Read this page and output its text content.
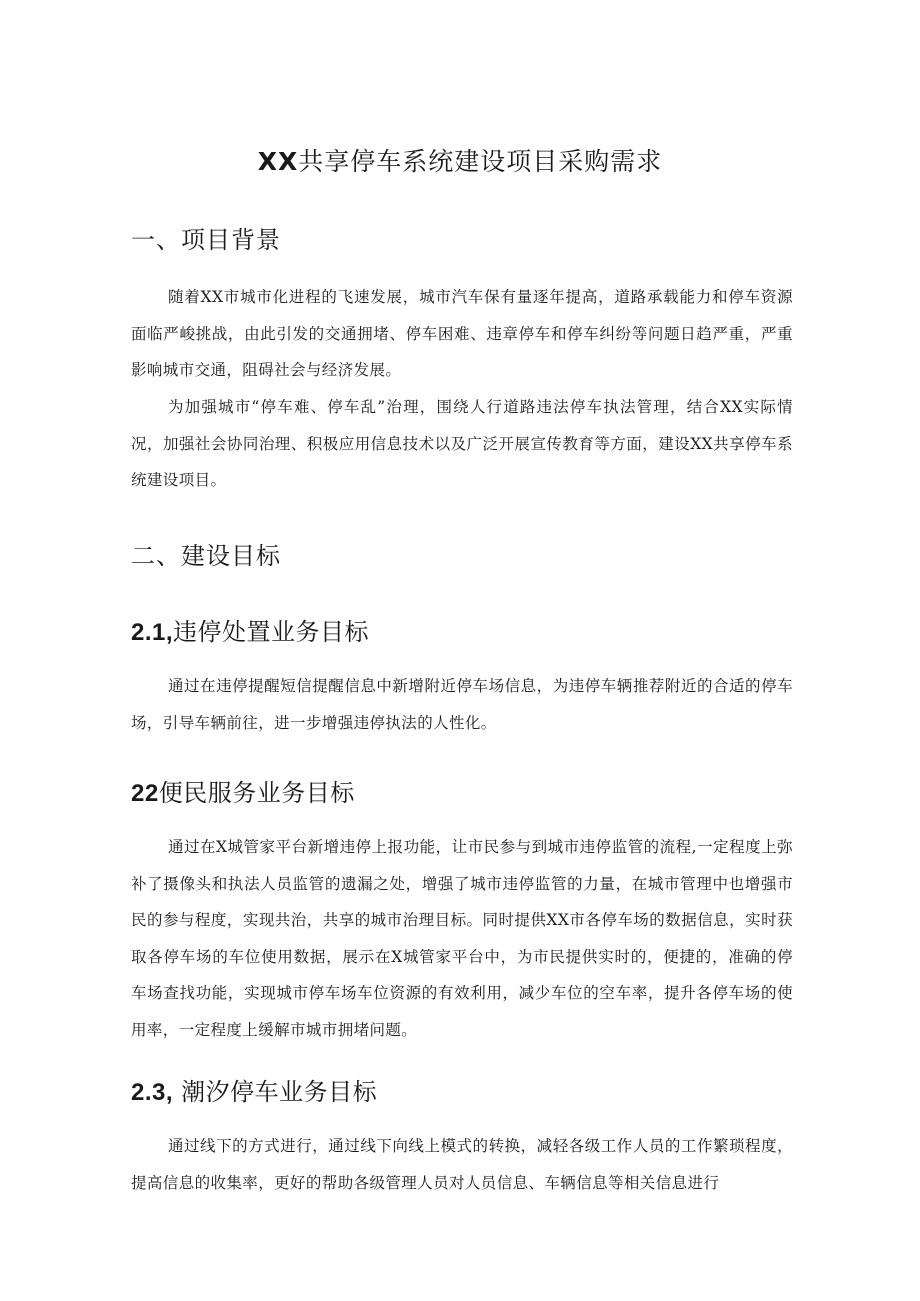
XX共享停车系统建设项目采购需求
一、项目背景

随着XX市城市化进程的飞速发展，城市汽车保有量逐年提高，道路承载能力和停车资源面临严峻挑战，由此引发的交通拥堵、停车困难、违章停车和停车纠纷等问题日趋严重，严重影响城市交通，阻碍社会与经济发展。

为加强城市“停车难、停车乱”治理，围绕人行道路违法停车执法管理，结合XX实际情况，加强社会协同治理、积极应用信息技术以及广泛开展宣传教育等方面，建设XX共享停车系统建设项目。

二、建设目标
2.1,违停处置业务目标

通过在违停提醒短信提醒信息中新增附近停车场信息，为违停车辆推荐附近的合适的停车场，引导车辆前往，进一步增强违停执法的人性化。

22便民服务业务目标

通过在X城管家平台新增违停上报功能，让市民参与到城市违停监管的流程,一定程度上弥补了摄像头和执法人员监管的遗漏之处，增强了城市违停监管的力量，在城市管理中也增强市民的参与程度，实现共治，共享的城市治理目标。同时提供XX市各停车场的数据信息，实时获取各停车场的车位使用数据，展示在X城管家平台中，为市民提供实时的，便捷的，准确的停车场查找功能，实现城市停车场车位资源的有效利用，减少车位的空车率，提升各停车场的使用率，一定程度上缓解市城市拥堵问题。

2.3, 潮汐停车业务目标

通过线下的方式进行，通过线下向线上模式的转换，减轻各级工作人员的工作繁琐程度，提高信息的收集率，更好的帮助各级管理人员对人员信息、车辆信息等相关信息进行
